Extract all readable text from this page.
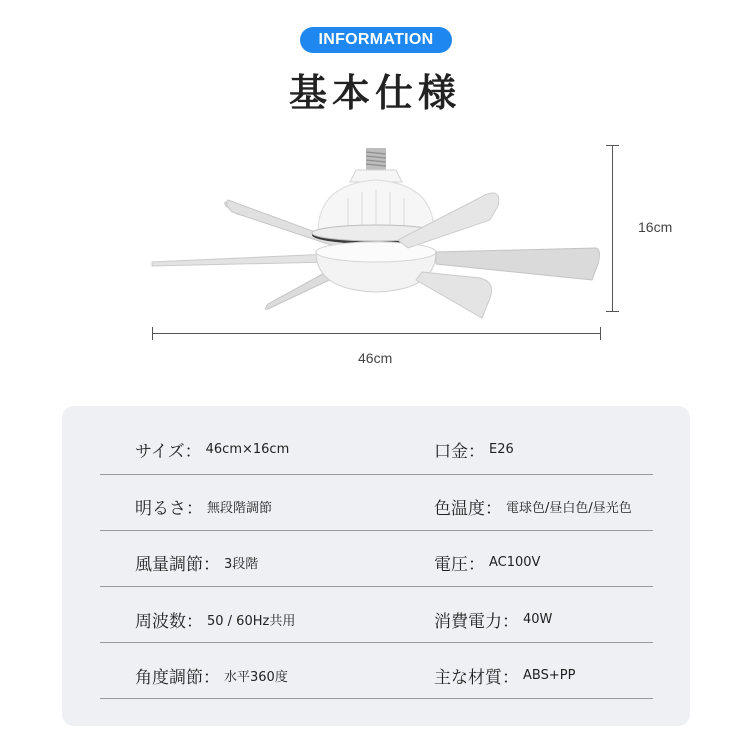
INFORMATION
基本仕様
16cm
46cm
サイズ： 46cm×16cm	口金： E26
明るさ： 無段階調節	色温度： 電球色/昼白色/昼光色
風量調節： 3段階	電圧： AC100V
周波数： 50 / 60Hz共用	消費電力： 40W
角度調節： 水平360度	主な材質： ABS+PP
